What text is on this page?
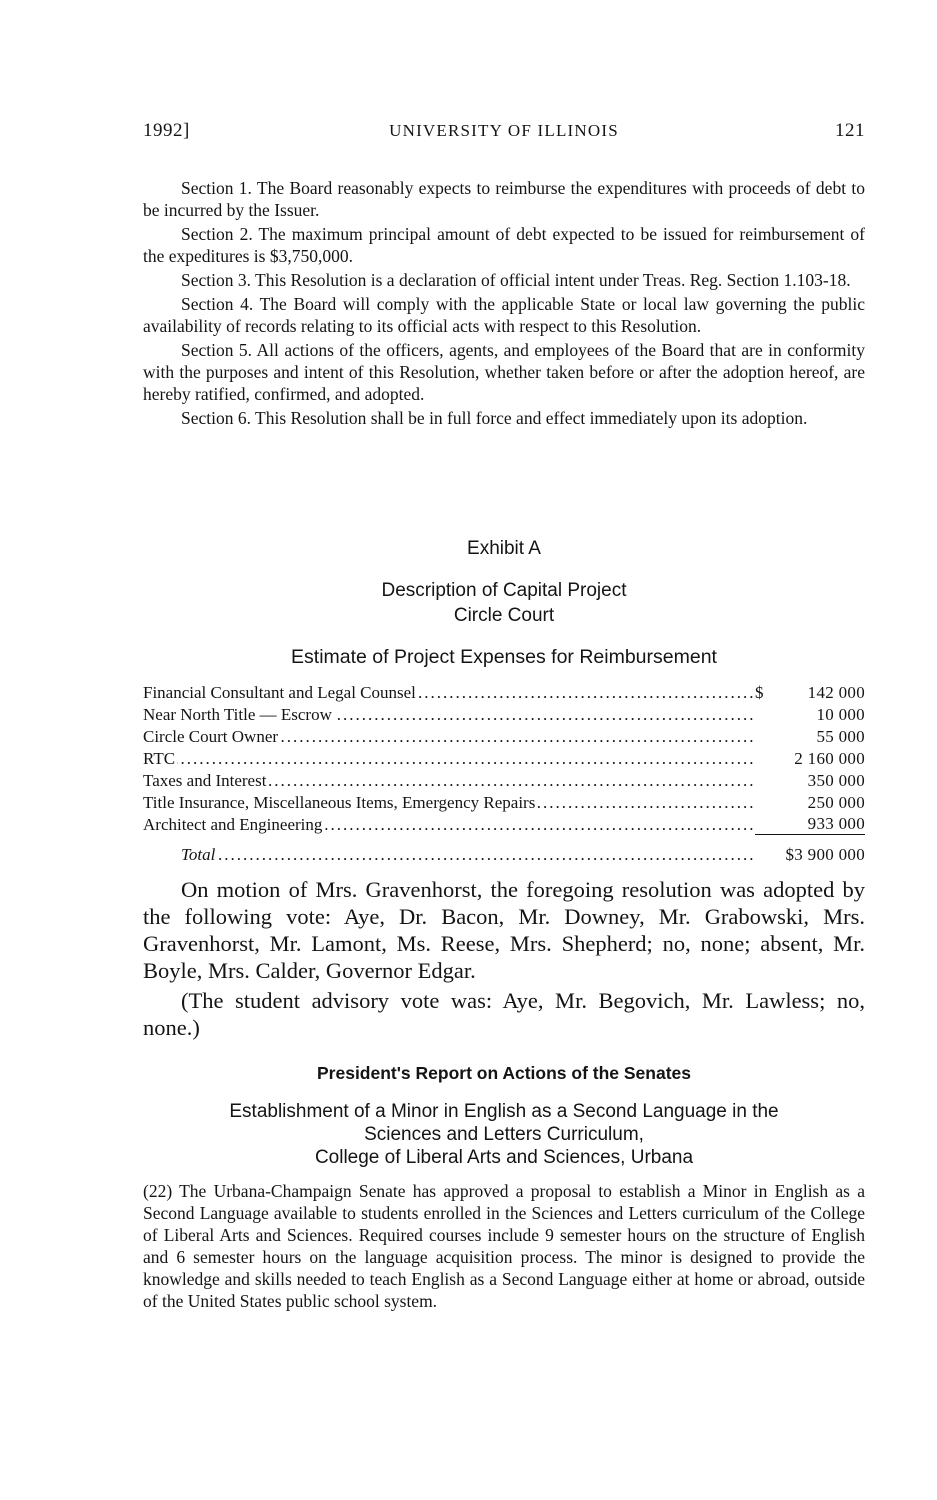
1992]	UNIVERSITY OF ILLINOIS	121

Section 1. The Board reasonably expects to reimburse the expenditures with proceeds of debt to be incurred by the Issuer.

Section 2. The maximum principal amount of debt expected to be issued for reimbursement of the expeditures is $3,750,000.

Section 3. This Resolution is a declaration of official intent under Treas. Reg. Section 1.103-18.

Section 4. The Board will comply with the applicable State or local law governing the public availability of records relating to its official acts with respect to this Resolution.

Section 5. All actions of the officers, agents, and employees of the Board that are in conformity with the purposes and intent of this Resolution, whether taken before or after the adoption hereof, are hereby ratified, confirmed, and adopted.

Section 6. This Resolution shall be in full force and effect immediately upon its adoption.

Exhibit A
Description of Capital Project
Circle Court
Estimate of Project Expenses for Reimbursement
Financial Consultant and Legal Counsel .....	$	142 000
Near North Title — Escrow .....	10 000
Circle Court Owner .....	55 000
RTC .....	2 160 000
Taxes and Interest .....	350 000
Title Insurance, Miscellaneous Items, Emergency Repairs .....	250 000
Architect and Engineering .....	933 000
Total .....	$3 900 000

On motion of Mrs. Gravenhorst, the foregoing resolution was adopted by the following vote: Aye, Dr. Bacon, Mr. Downey, Mr. Grabowski, Mrs. Gravenhorst, Mr. Lamont, Ms. Reese, Mrs. Shepherd; no, none; absent, Mr. Boyle, Mrs. Calder, Governor Edgar.

(The student advisory vote was: Aye, Mr. Begovich, Mr. Lawless; no, none.)

President's Report on Actions of the Senates
Establishment of a Minor in English as a Second Language in the
Sciences and Letters Curriculum,
College of Liberal Arts and Sciences, Urbana

(22) The Urbana-Champaign Senate has approved a proposal to establish a Minor in English as a Second Language available to students enrolled in the Sciences and Letters curriculum of the College of Liberal Arts and Sciences. Required courses include 9 semester hours on the structure of English and 6 semester hours on the language acquisition process. The minor is designed to provide the knowledge and skills needed to teach English as a Second Language either at home or abroad, outside of the United States public school system.
